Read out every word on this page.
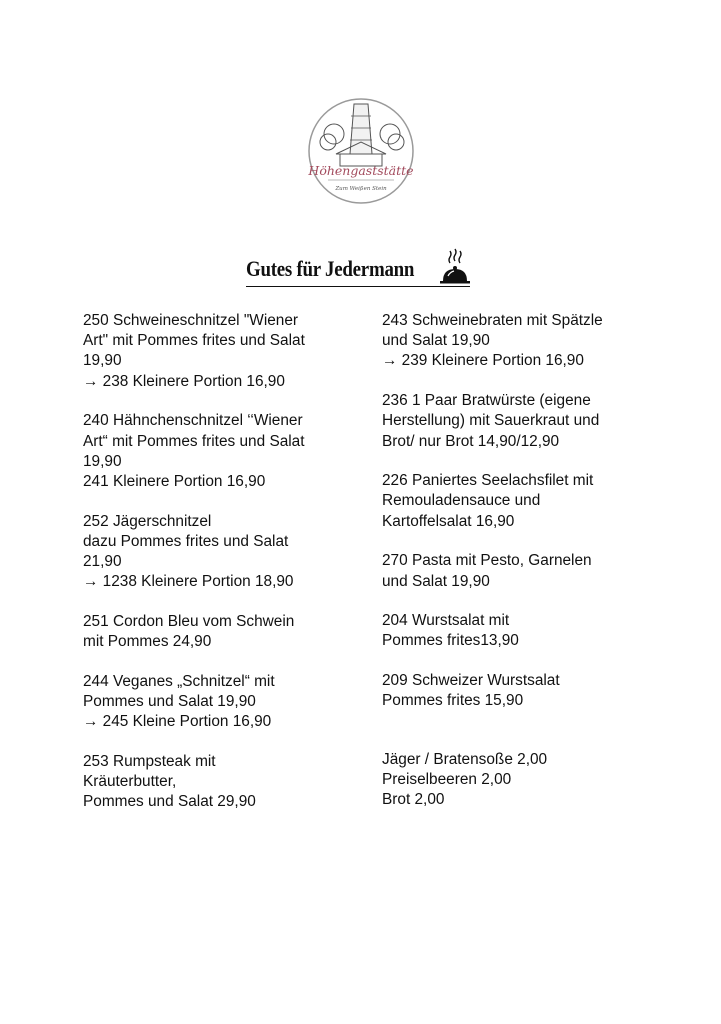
Höhengaststätte
Zum Weißen Stein
Gutes für Jedermann
250 Schweineschnitzel "Wiener
Art" mit Pommes frites und Salat
19,90
→ 238 Kleinere Portion 16,90
240 Hähnchenschnitzel ‘‘Wiener
Art“ mit Pommes frites und Salat
19,90
241 Kleinere Portion 16,90
252 Jägerschnitzel
dazu Pommes frites und Salat
21,90
→ 1238 Kleinere Portion 18,90
251 Cordon Bleu vom Schwein
mit Pommes 24,90
244 Veganes „Schnitzel“ mit
Pommes und Salat 19,90
→ 245 Kleine Portion 16,90
253 Rumpsteak mit
Kräuterbutter,
Pommes und Salat 29,90
243 Schweinebraten mit Spätzle
und Salat 19,90
→ 239 Kleinere Portion 16,90
236 1 Paar Bratwürste (eigene
Herstellung) mit Sauerkraut und
Brot/ nur Brot 14,90/12,90
226 Paniertes Seelachsfilet mit
Remouladensauce und
Kartoffelsalat 16,90
270 Pasta mit Pesto, Garnelen
und Salat 19,90
204 Wurstsalat mit
Pommes frites13,90
209 Schweizer Wurstsalat
Pommes frites 15,90
Jäger / Bratensoße 2,00
Preiselbeeren 2,00
Brot 2,00
